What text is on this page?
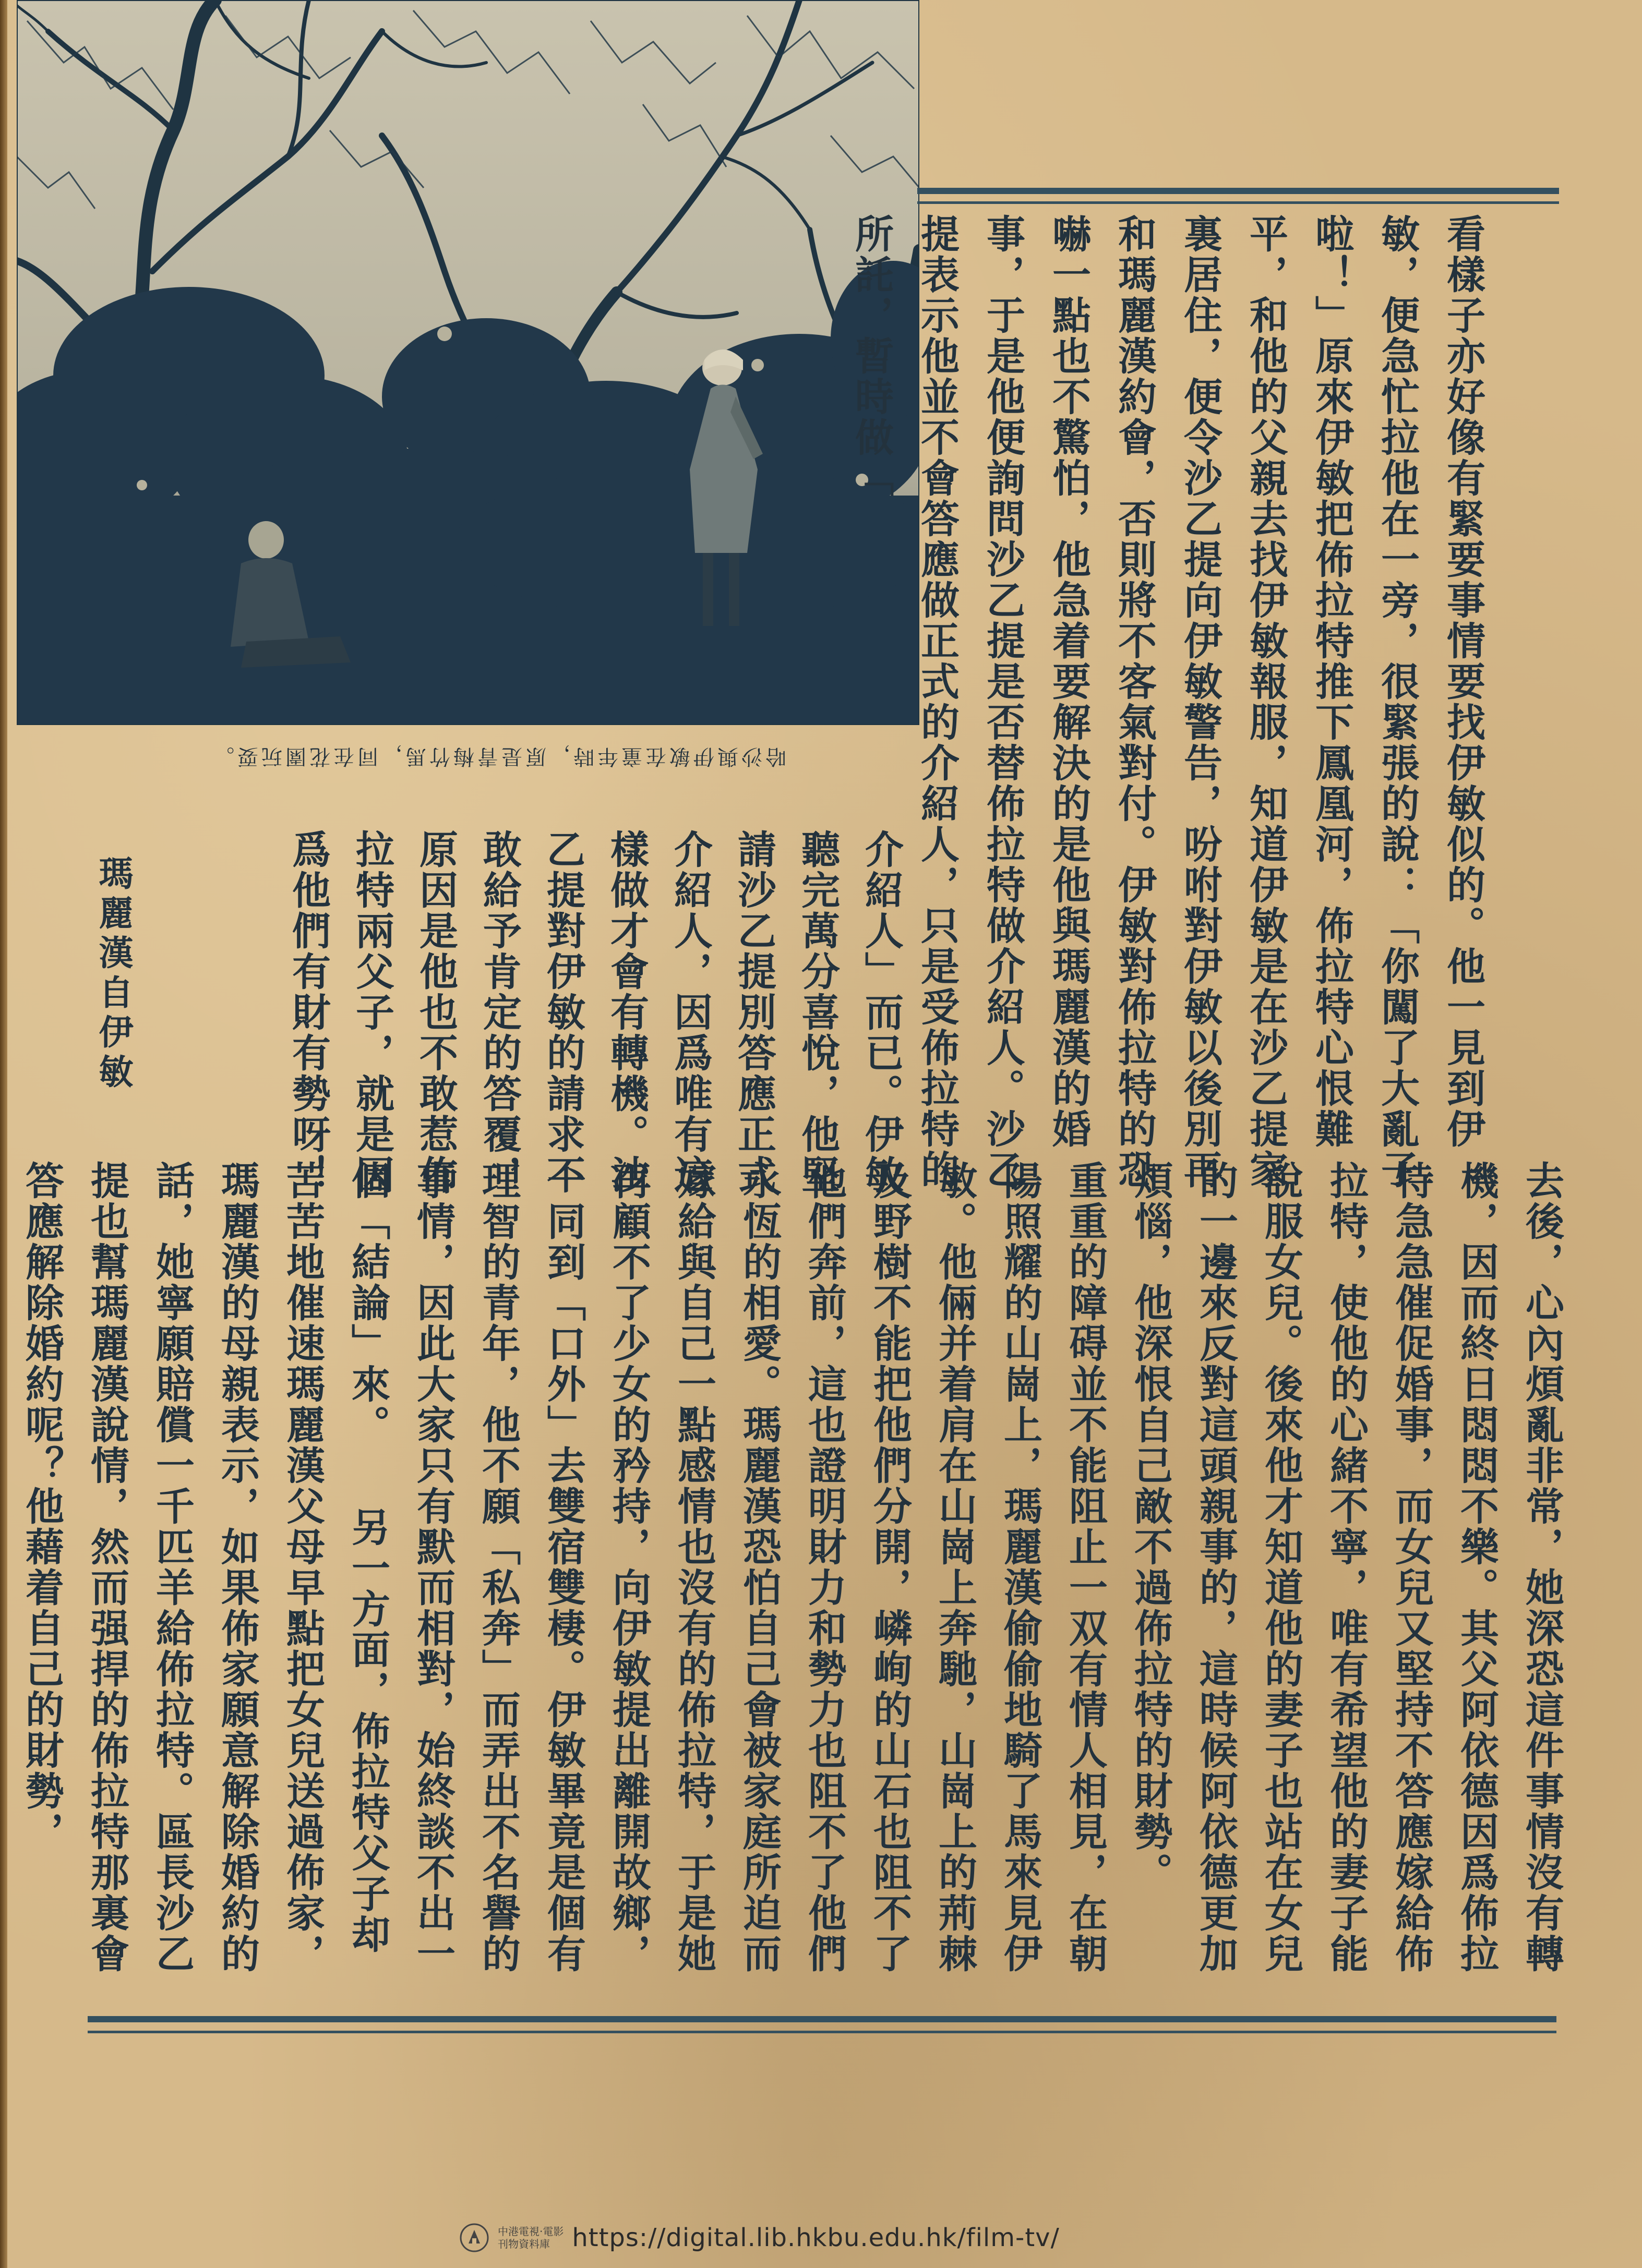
哈沙與伊敏在童年時，原是青梅竹馬，同在花園玩耍。	看樣子亦好像有緊要事情要找伊敏似的。他一見到伊敏，便急忙拉他在一旁，很緊張的說：「你闖了大亂子啦！」原來伊敏把佈拉特推下鳳凰河，佈拉特心恨難平，和他的父親去找伊敏報服，知道伊敏是在沙乙提家裏居住，便令沙乙提向伊敏警告，吩咐對伊敏以後別再和瑪麗漢約會，否則將不客氣對付。伊敏對佈拉特的恐嚇一點也不驚怕，他急着要解決的是他與瑪麗漢的婚事，于是他便詢問沙乙提是否替佈拉特做介紹人。沙乙提表示他並不會答應做正式的介紹人，只是受佈拉特的所託，暫時做「
介紹人」而已。伊敏聽完萬分喜悅，他堅請沙乙提別答應正式介紹人，因爲唯有這樣做才會有轉機。沙乙提對伊敏的請求不敢給予肯定的答覆，原因是他也不敢惹佈拉特兩父子，就是因爲他們有財有勢呀！
瑪麗漢自伊敏
去後，心內煩亂非常，她深恐這件事情沒有轉機，因而終日悶悶不樂。其父阿依德因爲佈拉特急急催促婚事，而女兒又堅持不答應嫁給佈拉特，使他的心緒不寧，唯有希望他的妻子能說服女兒。後來他才知道他的妻子也站在女兒的一邊來反對這頭親事的，這時候阿依德更加煩惱，他深恨自己敵不過佈拉特的財勢。　　重重的障碍並不能阻止一双有情人相見，在朝陽照耀的山崗上，瑪麗漢偷偷地騎了馬來見伊敏。他倆并着肩在山崗上奔馳，山崗上的荊棘及野樹不能把他們分開，嶙峋的山石也阻不了他們奔前，這也證明財力和勢力也阻不了他們永恆的相愛。瑪麗漢恐怕自己會被家庭所迫而嫁給與自己一點感情也沒有的佈拉特，于是她再顧不了少女的矜持，向伊敏提出離開故鄉，一同到「口外」去雙宿雙棲。伊敏畢竟是個有理智的青年，他不願「私奔」而弄出不名譽的事情，因此大家只有默而相對，始終談不出一個「結論」來。　　另一方面，佈拉特父子却苦苦地催速瑪麗漢父母早點把女兒送過佈家，瑪麗漢的母親表示，如果佈家願意解除婚約的話，她寧願賠償一千匹羊給佈拉特。區長沙乙提也幫瑪麗漢說情，然而强捍的佈拉特那裏會答應解除婚約呢？他藉着自己的財勢，
中港電視·電影
刊物資料庫 https://digital.lib.hkbu.edu.hk/film-tv/
